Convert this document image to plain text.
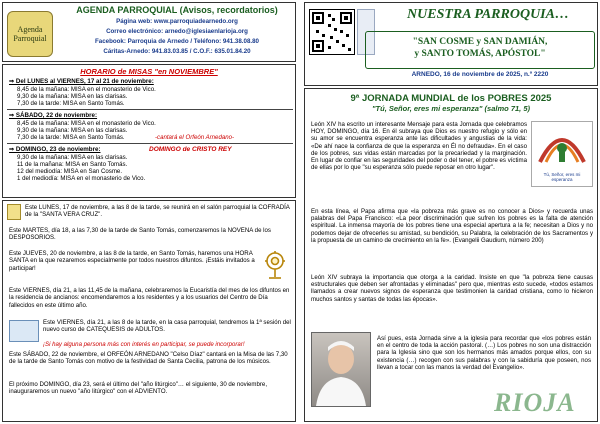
Agenda
Parroquial
AGENDA PARROQUIAL (Avisos, recordatorios)
Página web: www.parroquiadearnedo.org
Correo electrónico: arnedo@iglesiaenlarioja.org
Facebook: Parroquia de Arnedo / Teléfono: 941.38.08.80
Cáritas-Arnedo: 941.83.03.85 / C.O.F.: 635.01.84.20
HORARIO de MISAS "en NOVIEMBRE"
⇒ Del LUNES al VIERNES, 17 al 21 de noviembre:
8,45 de la mañana: MISA en el monasterio de Vico.
9,30 de la mañana: MISA en las clarisas.
7,30 de la tarde: MISA en Santo Tomás.
⇒ SÁBADO, 22 de noviembre:
8,45 de la mañana: MISA en el monasterio de Vico.
9,30 de la mañana: MISA en las clarisas.
7,30 de la tarde: MISA en Santo Tomás.	-cantará el Orfeón Arnedano-
⇒ DOMINGO, 23 de noviembre:	DOMINGO de CRISTO REY
9,30 de la mañana: MISA en las clarisas.
11 de la mañana: MISA en Santo Tomás.
12 del mediodía: MISA en San Cosme.
1 del mediodía: MISA en el monasterio de Vico.
Este LUNES, 17 de noviembre, a las 8 de la tarde, se reunirá en el salón parroquial la COFRADÍA de la "SANTA VERA CRUZ".
Este MARTES, día 18, a las 7,30 de la tarde de Santo Tomás, comenzaremos la NOVENA de los DESPOSORIOS.
Este JUEVES, 20 de noviembre, a las 8 de la tarde, en Santo Tomás, haremos una HORA SANTA en la que rezaremos especialmente por todos nuestros difuntos. ¡Estáis invitados a participar!
Este VIERNES, día 21, a las 11,45 de la mañana, celebraremos la Eucaristía del mes de los difuntos en la residencia de ancianos: encomendaremos a los residentes y a los usuarios del Centro de Día fallecidos en este último año.
Este VIERNES, día 21, a las 8 de la tarde, en la casa parroquial, tendremos la 1ª sesión del nuevo curso de CATEQUESIS de ADULTOS.
¡Si hay alguna persona más con interés en participar, se puede incorporar!
Este SÁBADO, 22 de noviembre, el ORFEÓN ARNEDANO "Celso Díaz" cantará en la Misa de las 7,30 de la tarde de Santo Tomás con motivo de la festividad de Santa Cecilia, patrona de los músicos.
El próximo DOMINGO, día 23, será el último del "año litúrgico"… el siguiente, 30 de noviembre, inauguraremos un nuevo "año litúrgico" con el ADVIENTO.
NUESTRA PARROQUIA…
"SAN COSME y SAN DAMIÁN,
y SANTO TOMÁS, APÓSTOL"
ARNEDO, 16 de noviembre de 2025, n.º 2220
9ª JORNADA MUNDIAL de los POBRES 2025
"Tú, Señor, eres mi esperanza" (salmo 71, 5)
Tú, Señor, eres mi esperanza
León XIV ha escrito un interesante Mensaje para esta Jornada que celebramos HOY, DOMINGO, día 16. En él subraya que Dios es nuestro refugio y sólo en su amor se encuentra esperanza ante las dificultades y angustias de la vida: «De ahí nace la confianza de que la esperanza en Él no defrauda». En el caso de los pobres, sus vidas están marcadas por la precariedad y la marginación. En lugar de confiar en las seguridades del poder o del tener, el pobre es víctima de ellas por lo que "su esperanza sólo puede reposar en otro lugar".
En esta línea, el Papa afirma que «la pobreza más grave es no conocer a Dios» y recuerda unas palabras del Papa Francisco: «La peor discriminación que sufren los pobres es la falta de atención espiritual. La inmensa mayoría de los pobres tiene una especial apertura a la fe; necesitan a Dios y no podemos dejar de ofrecerles su amistad, su bendición, su Palabra, la celebración de los Sacramentos y la propuesta de un camino de crecimiento en la fe». (Evangelii Gaudium, número 200)
León XIV subraya la importancia que otorga a la caridad. Insiste en que "la pobreza tiene causas estructurales que deben ser afrontadas y eliminadas" pero que, mientras esto sucede, «todos estamos llamados a crear nuevos signos de esperanza que testimonien la caridad cristiana, como lo hicieron muchos santos y santas de todas las épocas».
Así pues, esta Jornada sirve a la iglesia para recordar que «los pobres están en el centro de toda la acción pastoral. (…) Los pobres no son una distracción para la Iglesia sino que son los hermanos más amados porque ellos, con su existencia (…) recogen con sus palabras y con la sabiduría que poseen, nos llevan a tocar con las manos la verdad del Evangelio».
RIOJA
